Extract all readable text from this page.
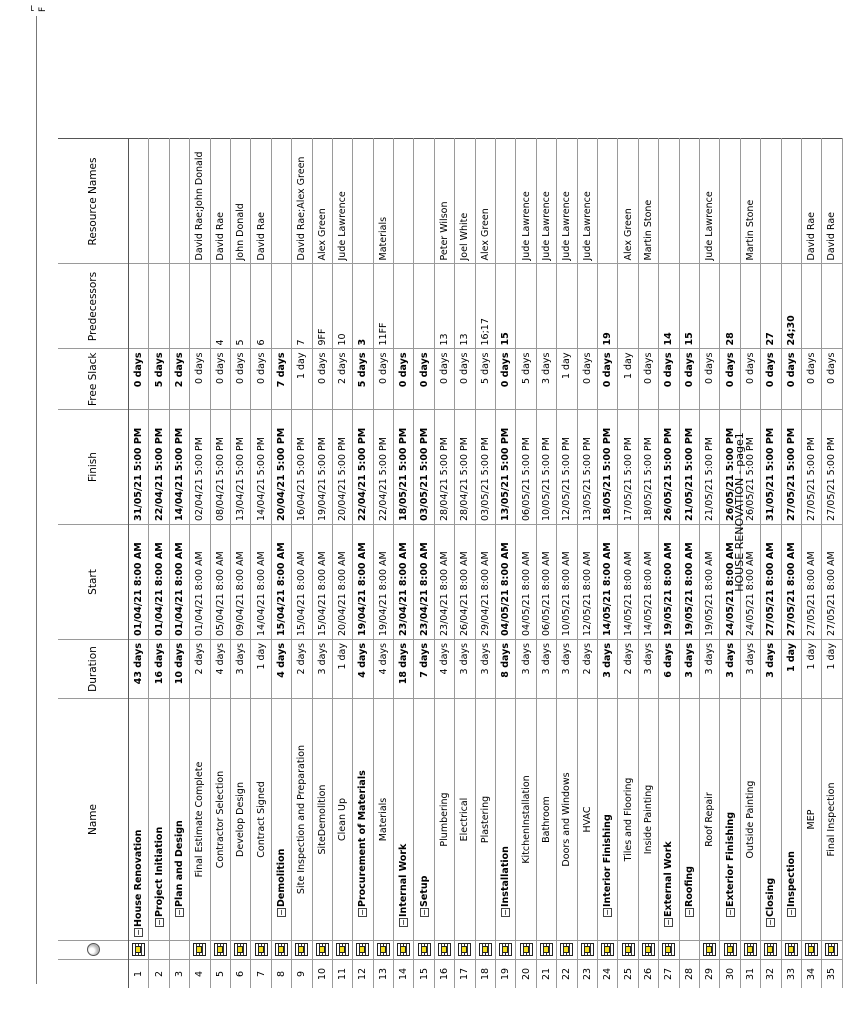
⌐ F
		Name	Duration	Start	Finish	Free Slack	Predecessors	Resource Names
1		−House Renovation	43 days	01/04/21 8:00 AM	31/05/21 5:00 PM	0 days		
2		−Project Initiation	16 days	01/04/21 8:00 AM	22/04/21 5:00 PM	5 days		
3		−Plan and Design	10 days	01/04/21 8:00 AM	14/04/21 5:00 PM	2 days		
4		Final Estimate Complete	2 days	01/04/21 8:00 AM	02/04/21 5:00 PM	0 days		David Rae;John Donald
5		Contractor Selection	4 days	05/04/21 8:00 AM	08/04/21 5:00 PM	0 days	4	David Rae
6		Develop Design	3 days	09/04/21 8:00 AM	13/04/21 5:00 PM	0 days	5	John Donald
7		Contract Signed	1 day	14/04/21 8:00 AM	14/04/21 5:00 PM	0 days	6	David Rae
8		−Demolition	4 days	15/04/21 8:00 AM	20/04/21 5:00 PM	7 days		
9		Site Inspection and Preparation	2 days	15/04/21 8:00 AM	16/04/21 5:00 PM	1 day	7	David Rae;Alex Green
10		SiteDemolition	3 days	15/04/21 8:00 AM	19/04/21 5:00 PM	0 days	9FF	Alex Green
11		Clean Up	1 day	20/04/21 8:00 AM	20/04/21 5:00 PM	2 days	10	Jude Lawrence
12		−Procurement of Materials	4 days	19/04/21 8:00 AM	22/04/21 5:00 PM	5 days	3	
13		Materials	4 days	19/04/21 8:00 AM	22/04/21 5:00 PM	0 days	11FF	Materials
14		−Internal Work	18 days	23/04/21 8:00 AM	18/05/21 5:00 PM	0 days		
15		−Setup	7 days	23/04/21 8:00 AM	03/05/21 5:00 PM	0 days		
16		Plumbering	4 days	23/04/21 8:00 AM	28/04/21 5:00 PM	0 days	13	Peter Wilson
17		Electrical	3 days	26/04/21 8:00 AM	28/04/21 5:00 PM	0 days	13	Joel White
18		Plastering	3 days	29/04/21 8:00 AM	03/05/21 5:00 PM	5 days	16;17	Alex Green
19		−Installation	8 days	04/05/21 8:00 AM	13/05/21 5:00 PM	0 days	15	
20		KitchenInstallation	3 days	04/05/21 8:00 AM	06/05/21 5:00 PM	5 days		Jude Lawrence
21		Bathroom	3 days	06/05/21 8:00 AM	10/05/21 5:00 PM	3 days		Jude Lawrence
22		Doors and Windows	3 days	10/05/21 8:00 AM	12/05/21 5:00 PM	1 day		Jude Lawrence
23		HVAC	2 days	12/05/21 8:00 AM	13/05/21 5:00 PM	0 days		Jude Lawrence
24		−Interior Finishing	3 days	14/05/21 8:00 AM	18/05/21 5:00 PM	0 days	19	
25		Tiles and Flooring	2 days	14/05/21 8:00 AM	17/05/21 5:00 PM	1 day		Alex Green
26		Inside Painting	3 days	14/05/21 8:00 AM	18/05/21 5:00 PM	0 days		Martin Stone
27		−External Work	6 days	19/05/21 8:00 AM	26/05/21 5:00 PM	0 days	14	
28		−Roofing	3 days	19/05/21 8:00 AM	21/05/21 5:00 PM	0 days	15	
29		Roof Repair	3 days	19/05/21 8:00 AM	21/05/21 5:00 PM	0 days		Jude Lawrence
30		−Exterior Finishing	3 days	24/05/21 8:00 AM	26/05/21 5:00 PM	0 days	28	
31		Outside Painting	3 days	24/05/21 8:00 AM	26/05/21 5:00 PM	0 days		Martin Stone
32		−Closing	3 days	27/05/21 8:00 AM	31/05/21 5:00 PM	0 days	27	
33		−Inspection	1 day	27/05/21 8:00 AM	27/05/21 5:00 PM	0 days	24;30	
34		MEP	1 day	27/05/21 8:00 AM	27/05/21 5:00 PM	0 days		David Rae
35		Final Inspection	1 day	27/05/21 8:00 AM	27/05/21 5:00 PM	0 days		David Rae
HOUSE RENOVATION - page1
